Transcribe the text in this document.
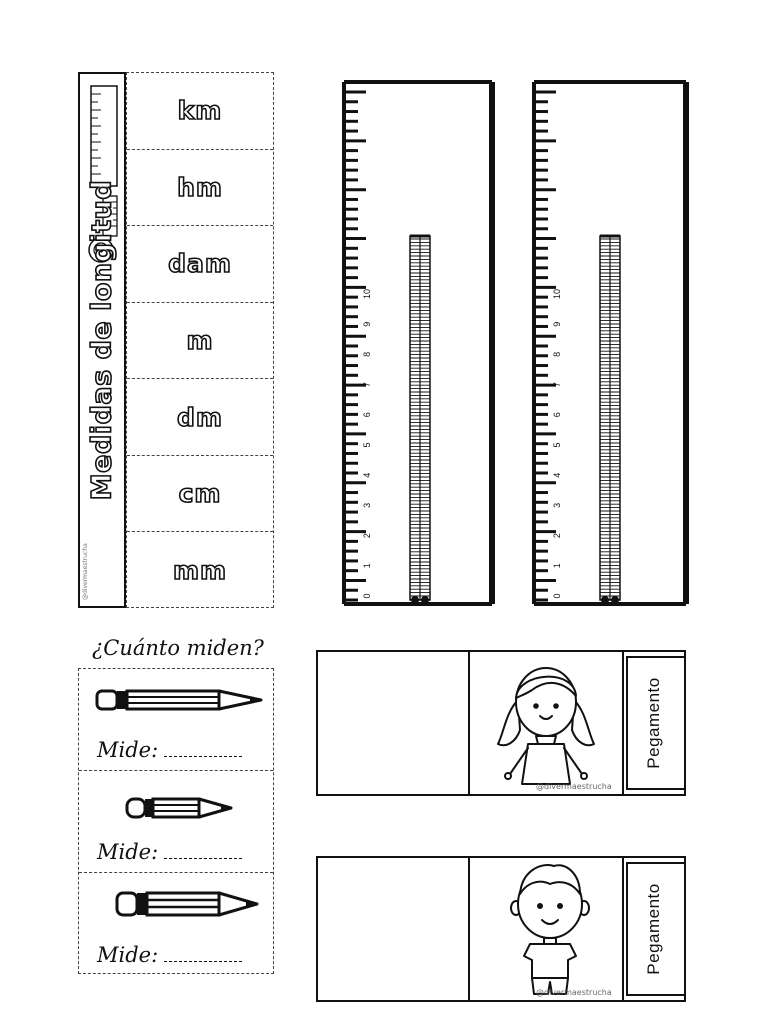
Medidas de longitud
@divermaestrucha
km
hm
dam
m
dm
cm
mm
0
1
2
3
4
5
6
7
8
9
10
0
1
2
3
4
5
6
7
8
9
10
¿Cuánto miden?
Mide:
Mide:
Mide:
@divermaestrucha
Pegamento
@divermaestrucha
Pegamento
